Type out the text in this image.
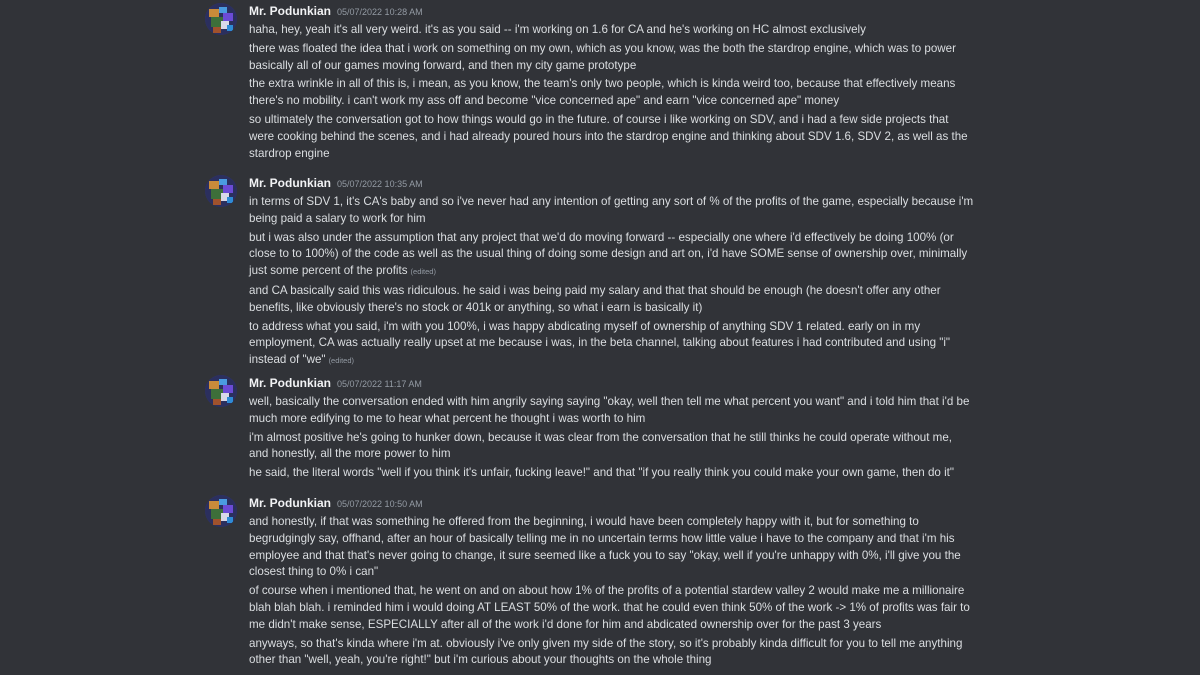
Mr. Podunkian 05/07/2022 10:28 AM
haha, hey, yeah it's all very weird. it's as you said -- i'm working on 1.6 for CA and he's working on HC almost exclusively
there was floated the idea that i work on something on my own, which as you know, was the both the stardrop engine, which was to power
basically all of our games moving forward, and then my city game prototype
the extra wrinkle in all of this is, i mean, as you know, the team's only two people, which is kinda weird too, because that effectively means
there's no mobility. i can't work my ass off and become "vice concerned ape" and earn "vice concerned ape" money
so ultimately the conversation got to how things would go in the future. of course i like working on SDV, and i had a few side projects that
were cooking behind the scenes, and i had already poured hours into the stardrop engine and thinking about SDV 1.6, SDV 2, as well as the
stardrop engine
Mr. Podunkian 05/07/2022 10:35 AM
in terms of SDV 1, it's CA's baby and so i've never had any intention of getting any sort of % of the profits of the game, especially because i'm
being paid a salary to work for him
but i was also under the assumption that any project that we'd do moving forward -- especially one where i'd effectively be doing 100% (or
close to to 100%) of the code as well as the usual thing of doing some design and art on, i'd have SOME sense of ownership over, minimally
just some percent of the profits (edited)
and CA basically said this was ridiculous. he said i was being paid my salary and that that should be enough (he doesn't offer any other
benefits, like obviously there's no stock or 401k or anything, so what i earn is basically it)
to address what you said, i'm with you 100%, i was happy abdicating myself of ownership of anything SDV 1 related. early on in my
employment, CA was actually really upset at me because i was, in the beta channel, talking about features i had contributed and using "i"
instead of "we" (edited)
Mr. Podunkian 05/07/2022 11:17 AM
well, basically the conversation ended with him angrily saying saying "okay, well then tell me what percent you want" and i told him that i'd be
much more edifying to me to hear what percent he thought i was worth to him
i'm almost positive he's going to hunker down, because it was clear from the conversation that he still thinks he could operate without me,
and honestly, all the more power to him
he said, the literal words "well if you think it's unfair, fucking leave!" and that "if you really think you could make your own game, then do it"
Mr. Podunkian 05/07/2022 10:50 AM
and honestly, if that was something he offered from the beginning, i would have been completely happy with it, but for something to
begrudgingly say, offhand, after an hour of basically telling me in no uncertain terms how little value i have to the company and that i'm his
employee and that that's never going to change, it sure seemed like a fuck you to say "okay, well if you're unhappy with 0%, i'll give you the
closest thing to 0% i can"
of course when i mentioned that, he went on and on about how 1% of the profits of a potential stardew valley 2 would make me a millionaire
blah blah blah. i reminded him i would doing AT LEAST 50% of the work. that he could even think 50% of the work -> 1% of profits was fair to
me didn't make sense, ESPECIALLY after all of the work i'd done for him and abdicated ownership over for the past 3 years
anyways, so that's kinda where i'm at. obviously i've only given my side of the story, so it's probably kinda difficult for you to tell me anything
other than "well, yeah, you're right!" but i'm curious about your thoughts on the whole thing
